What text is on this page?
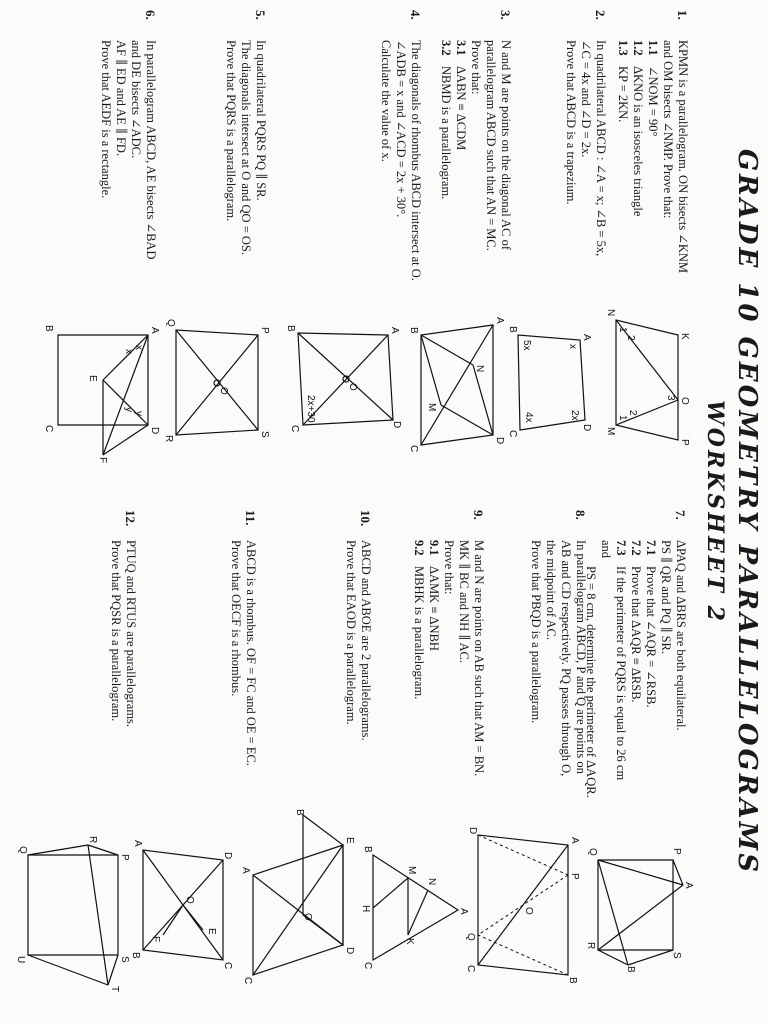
GRADE 10 GEOMETRY PARALLELOGRAMS
WORKSHEET 2
1.
KPMN is a parallelogram. ON bisects ∠KNM
and OM bisects ∠NMP. Prove that:
1.1∠NOM = 90°
1.2ΔKNO is an isosceles triangle
1.3KP = 2KN.
2.
In quadrilateral ABCD : ∠A = x; ∠B = 5x,
∠C = 4x and ∠D = 2x.
Prove that ABCD is a trapezium.
3.
N and M are points on the diagonal AC of
parallelogram ABCD such that AN = MC.
Prove that:
3.1ΔABN ≡ ΔCDM
3.2NBMD is a parallelogram.
4.
The diagonals of rhombus ABCD intersect at O.
∠ADB = x and ∠ACD = 2x + 30°.
Calculate the value of x.
5.
In quadrilateral PQRS PQ ∥ SR.
The diagonals intersect at O and QO = OS.
Prove that PQRS is a parallelogram.
6.
In parallelogram ABCD, AE bisects ∠BAD
and DE bisects ∠ADC.
AF ∥ ED and AE ∥ FD.
Prove that AEDF is a rectangle.
K
P
N
M
O
1
2
3
1
2
A
B
C
D
x
5x
4x	2x
A
B
C
D
N
M
A
B
C
D
O
2x+30
P
Q
R
S
O
A
B
C	D
E
F
x
x
y
y
7.
ΔPAQ and ΔBRS are both equilateral.
PS ∥ QR and PQ ∥ SR.
7.1Prove that ∠AQR = ∠RSB.
7.2Prove that ΔAQR ≡ ΔRSB.
7.3If the perimeter of PQRS is equal to 26 cm and
PS = 8 cm, determine the perimeter of ΔAQR.
8.
In parallelogram ABCD, P and Q are points on
AB and CD respectively. PQ passes through O,
the midpoint of AC.
Prove that PBQD is a parallelogram.
9.
M and N are points on AB such that AM = BN.
MK ∥ BC and NH ∥ AC.
Prove that:
9.1ΔAMK ≡ ΔNBH
9.2MBHK is a parallelogram.
10.
ABCD and ABOE are 2 parallelograms.
Prove that EAOD is a parallelogram.
11.
ABCD is a rhombus. OF = FC and OE = EC.
Prove that OECF is a rhombus.
12.
PTUQ and RTUS are parallelograms.
Prove that PQSR is a parallelogram.
P
A
B
Q
R
S
A
P
B
D
Q
C
O
A
N
M
K
B
H
C
E
D
A
B
C
O
A
B
C
D
E
F
O
R
P
T
Q
S
U
